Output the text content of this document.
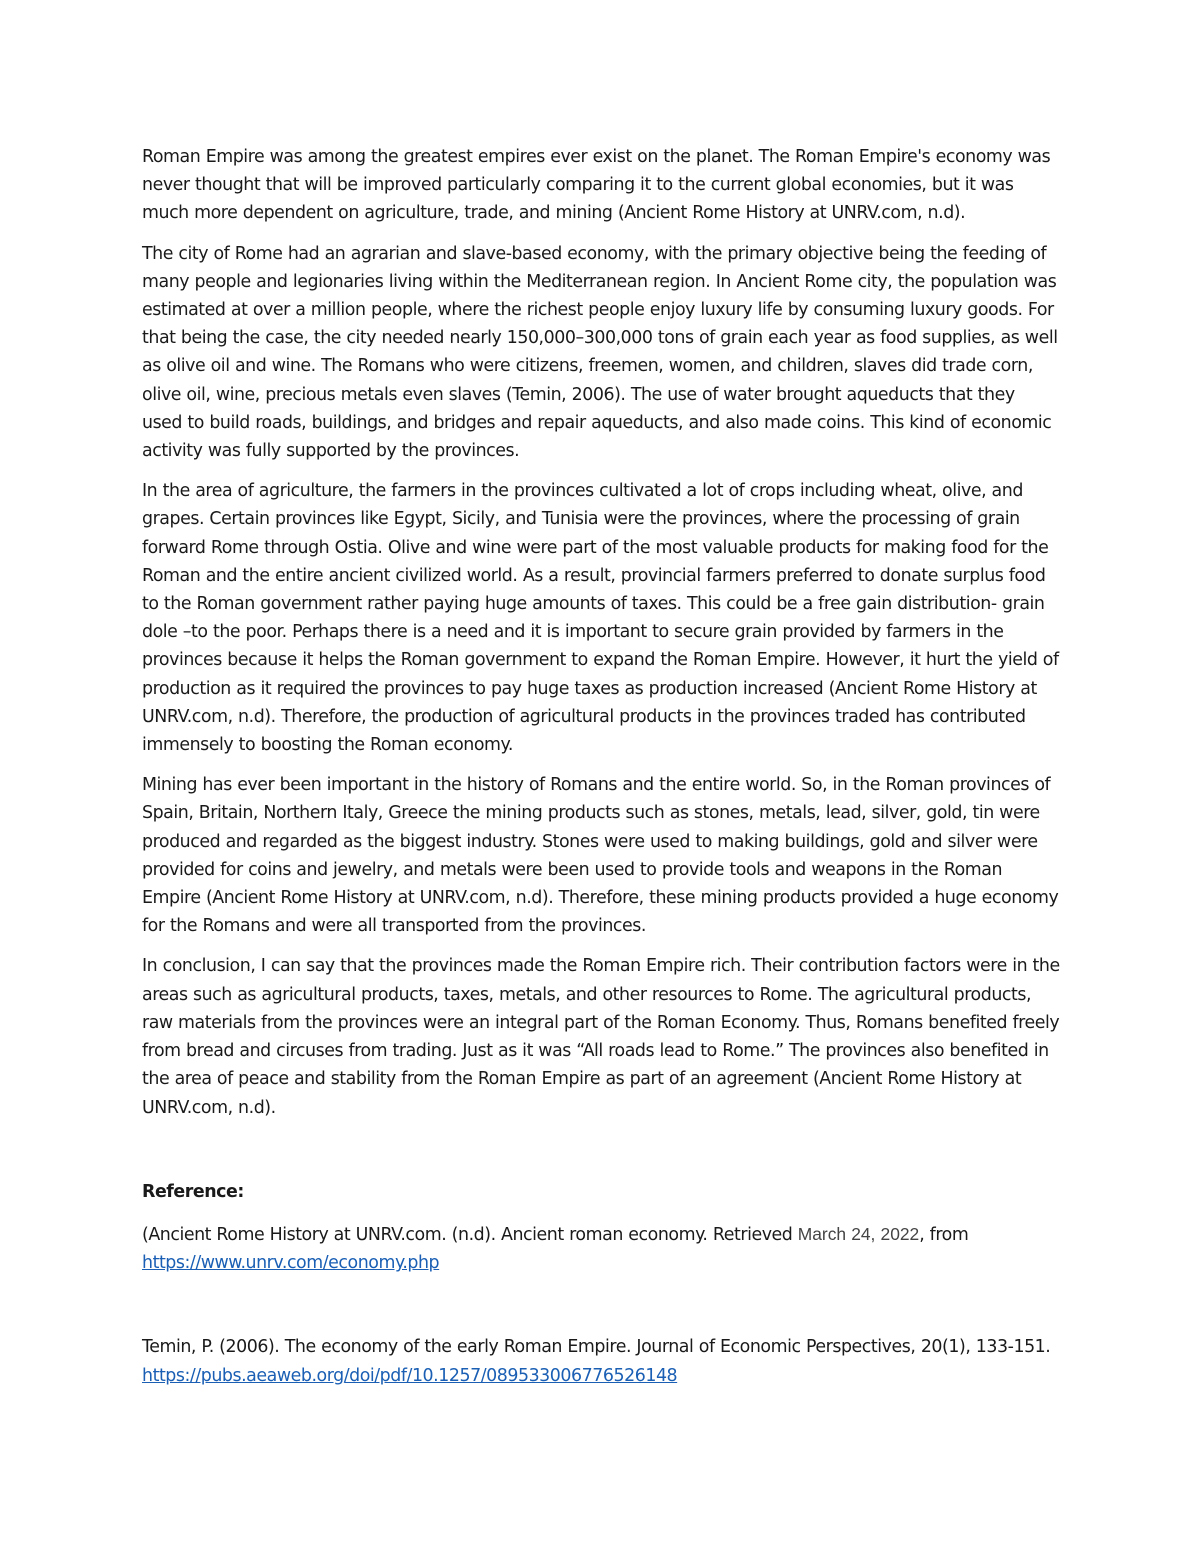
Roman Empire was among the greatest empires ever exist on the planet. The Roman Empire's economy was never thought that will be improved particularly comparing it to the current global economies, but it was much more dependent on agriculture, trade, and mining (Ancient Rome History at UNRV.com, n.d).

The city of Rome had an agrarian and slave-based economy, with the primary objective being the feeding of many people and legionaries living within the Mediterranean region. In Ancient Rome city, the population was estimated at over a million people, where the richest people enjoy luxury life by consuming luxury goods. For that being the case, the city needed nearly 150,000–300,000 tons of grain each year as food supplies, as well as olive oil and wine. The Romans who were citizens, freemen, women, and children, slaves did trade corn, olive oil, wine, precious metals even slaves (Temin, 2006). The use of water brought aqueducts that they used to build roads, buildings, and bridges and repair aqueducts, and also made coins. This kind of economic activity was fully supported by the provinces.

In the area of agriculture, the farmers in the provinces cultivated a lot of crops including wheat, olive, and grapes. Certain provinces like Egypt, Sicily, and Tunisia were the provinces, where the processing of grain forward Rome through Ostia. Olive and wine were part of the most valuable products for making food for the Roman and the entire ancient civilized world. As a result, provincial farmers preferred to donate surplus food to the Roman government rather paying huge amounts of taxes. This could be a free gain distribution- grain dole –to the poor. Perhaps there is a need and it is important to secure grain provided by farmers in the provinces because it helps the Roman government to expand the Roman Empire. However, it hurt the yield of production as it required the provinces to pay huge taxes as production increased (Ancient Rome History at UNRV.com, n.d). Therefore, the production of agricultural products in the provinces traded has contributed immensely to boosting the Roman economy.

Mining has ever been important in the history of Romans and the entire world. So, in the Roman provinces of Spain, Britain, Northern Italy, Greece the mining products such as stones, metals, lead, silver, gold, tin were produced and regarded as the biggest industry. Stones were used to making buildings, gold and silver were provided for coins and jewelry, and metals were been used to provide tools and weapons in the Roman Empire (Ancient Rome History at UNRV.com, n.d). Therefore, these mining products provided a huge economy for the Romans and were all transported from the provinces.

In conclusion, I can say that the provinces made the Roman Empire rich. Their contribution factors were in the areas such as agricultural products, taxes, metals, and other resources to Rome. The agricultural products, raw materials from the provinces were an integral part of the Roman Economy. Thus, Romans benefited freely from bread and circuses from trading. Just as it was “All roads lead to Rome.” The provinces also benefited in the area of peace and stability from the Roman Empire as part of an agreement (Ancient Rome History at UNRV.com, n.d).

Reference:

(Ancient Rome History at UNRV.com. (n.d). Ancient roman economy. Retrieved March 24, 2022, from https://www.unrv.com/economy.php

Temin, P. (2006). The economy of the early Roman Empire. Journal of Economic Perspectives, 20(1), 133-151. https://pubs.aeaweb.org/doi/pdf/10.1257/089533006776526148
